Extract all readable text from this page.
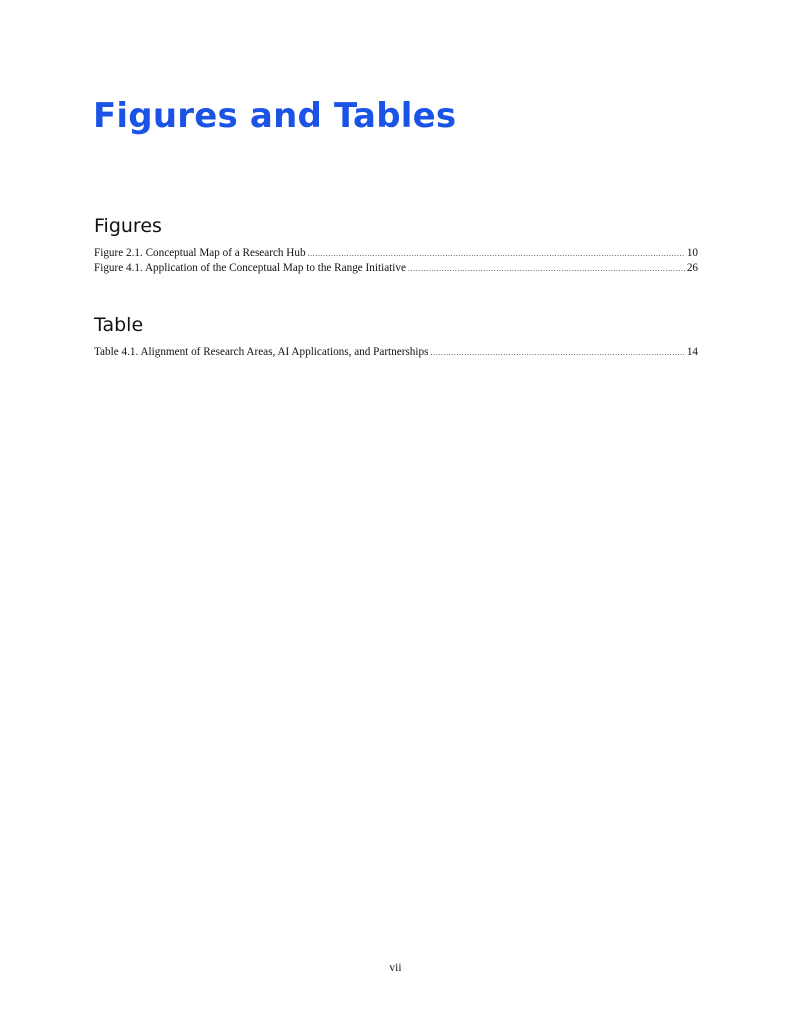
Figures and Tables
Figures
Figure 2.1. Conceptual Map of a Research Hub .....	10
Figure 4.1. Application of the Conceptual Map to the Range Initiative .....	26
Table
Table 4.1. Alignment of Research Areas, AI Applications, and Partnerships .....	14
vii
